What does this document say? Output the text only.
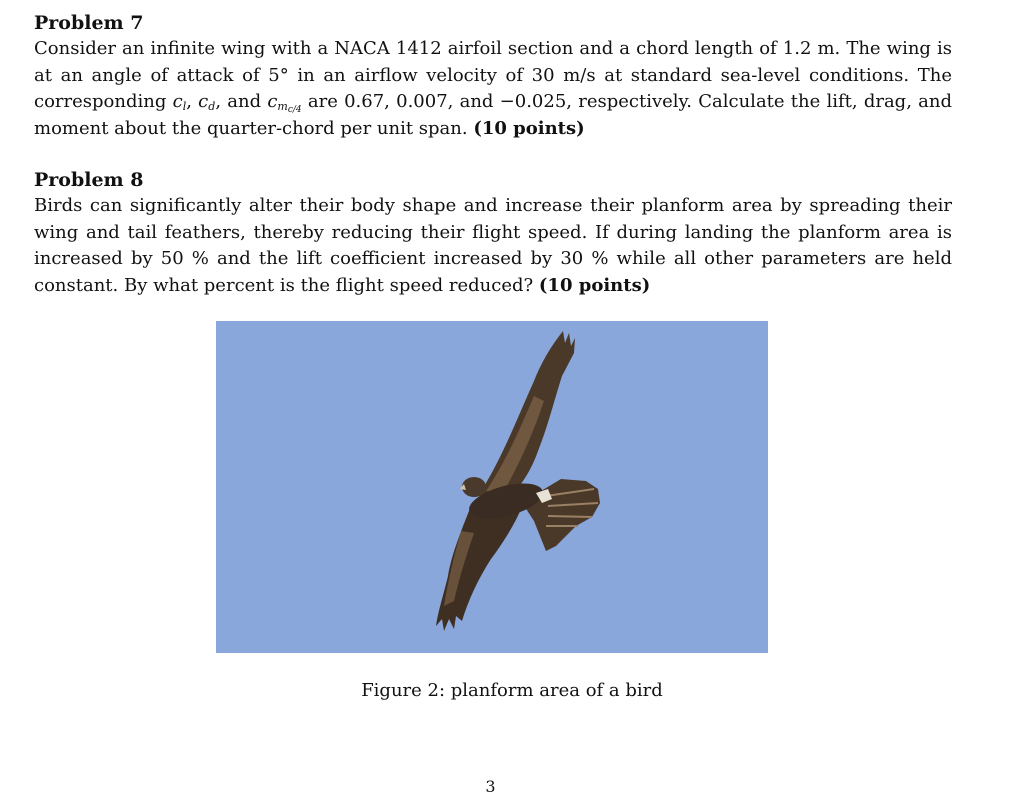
Problem 7

Consider an infinite wing with a NACA 1412 airfoil section and a chord length of 1.2 m. The wing is at an angle of attack of 5° in an airflow velocity of 30 m/s at standard sea-level conditions. The corresponding $c_l$, $c_d$, and $c_{m_{c/4}}$ are 0.67, 0.007, and −0.025, respectively. Calculate the lift, drag, and moment about the quarter-chord per unit span. (10 points)

Problem 8

Birds can significantly alter their body shape and increase their planform area by spreading their wing and tail feathers, thereby reducing their flight speed. If during landing the planform area is increased by 50 % and the lift coefficient increased by 30 % while all other parameters are held constant. By what percent is the flight speed reduced? (10 points)

Figure 2: planform area of a bird
3
